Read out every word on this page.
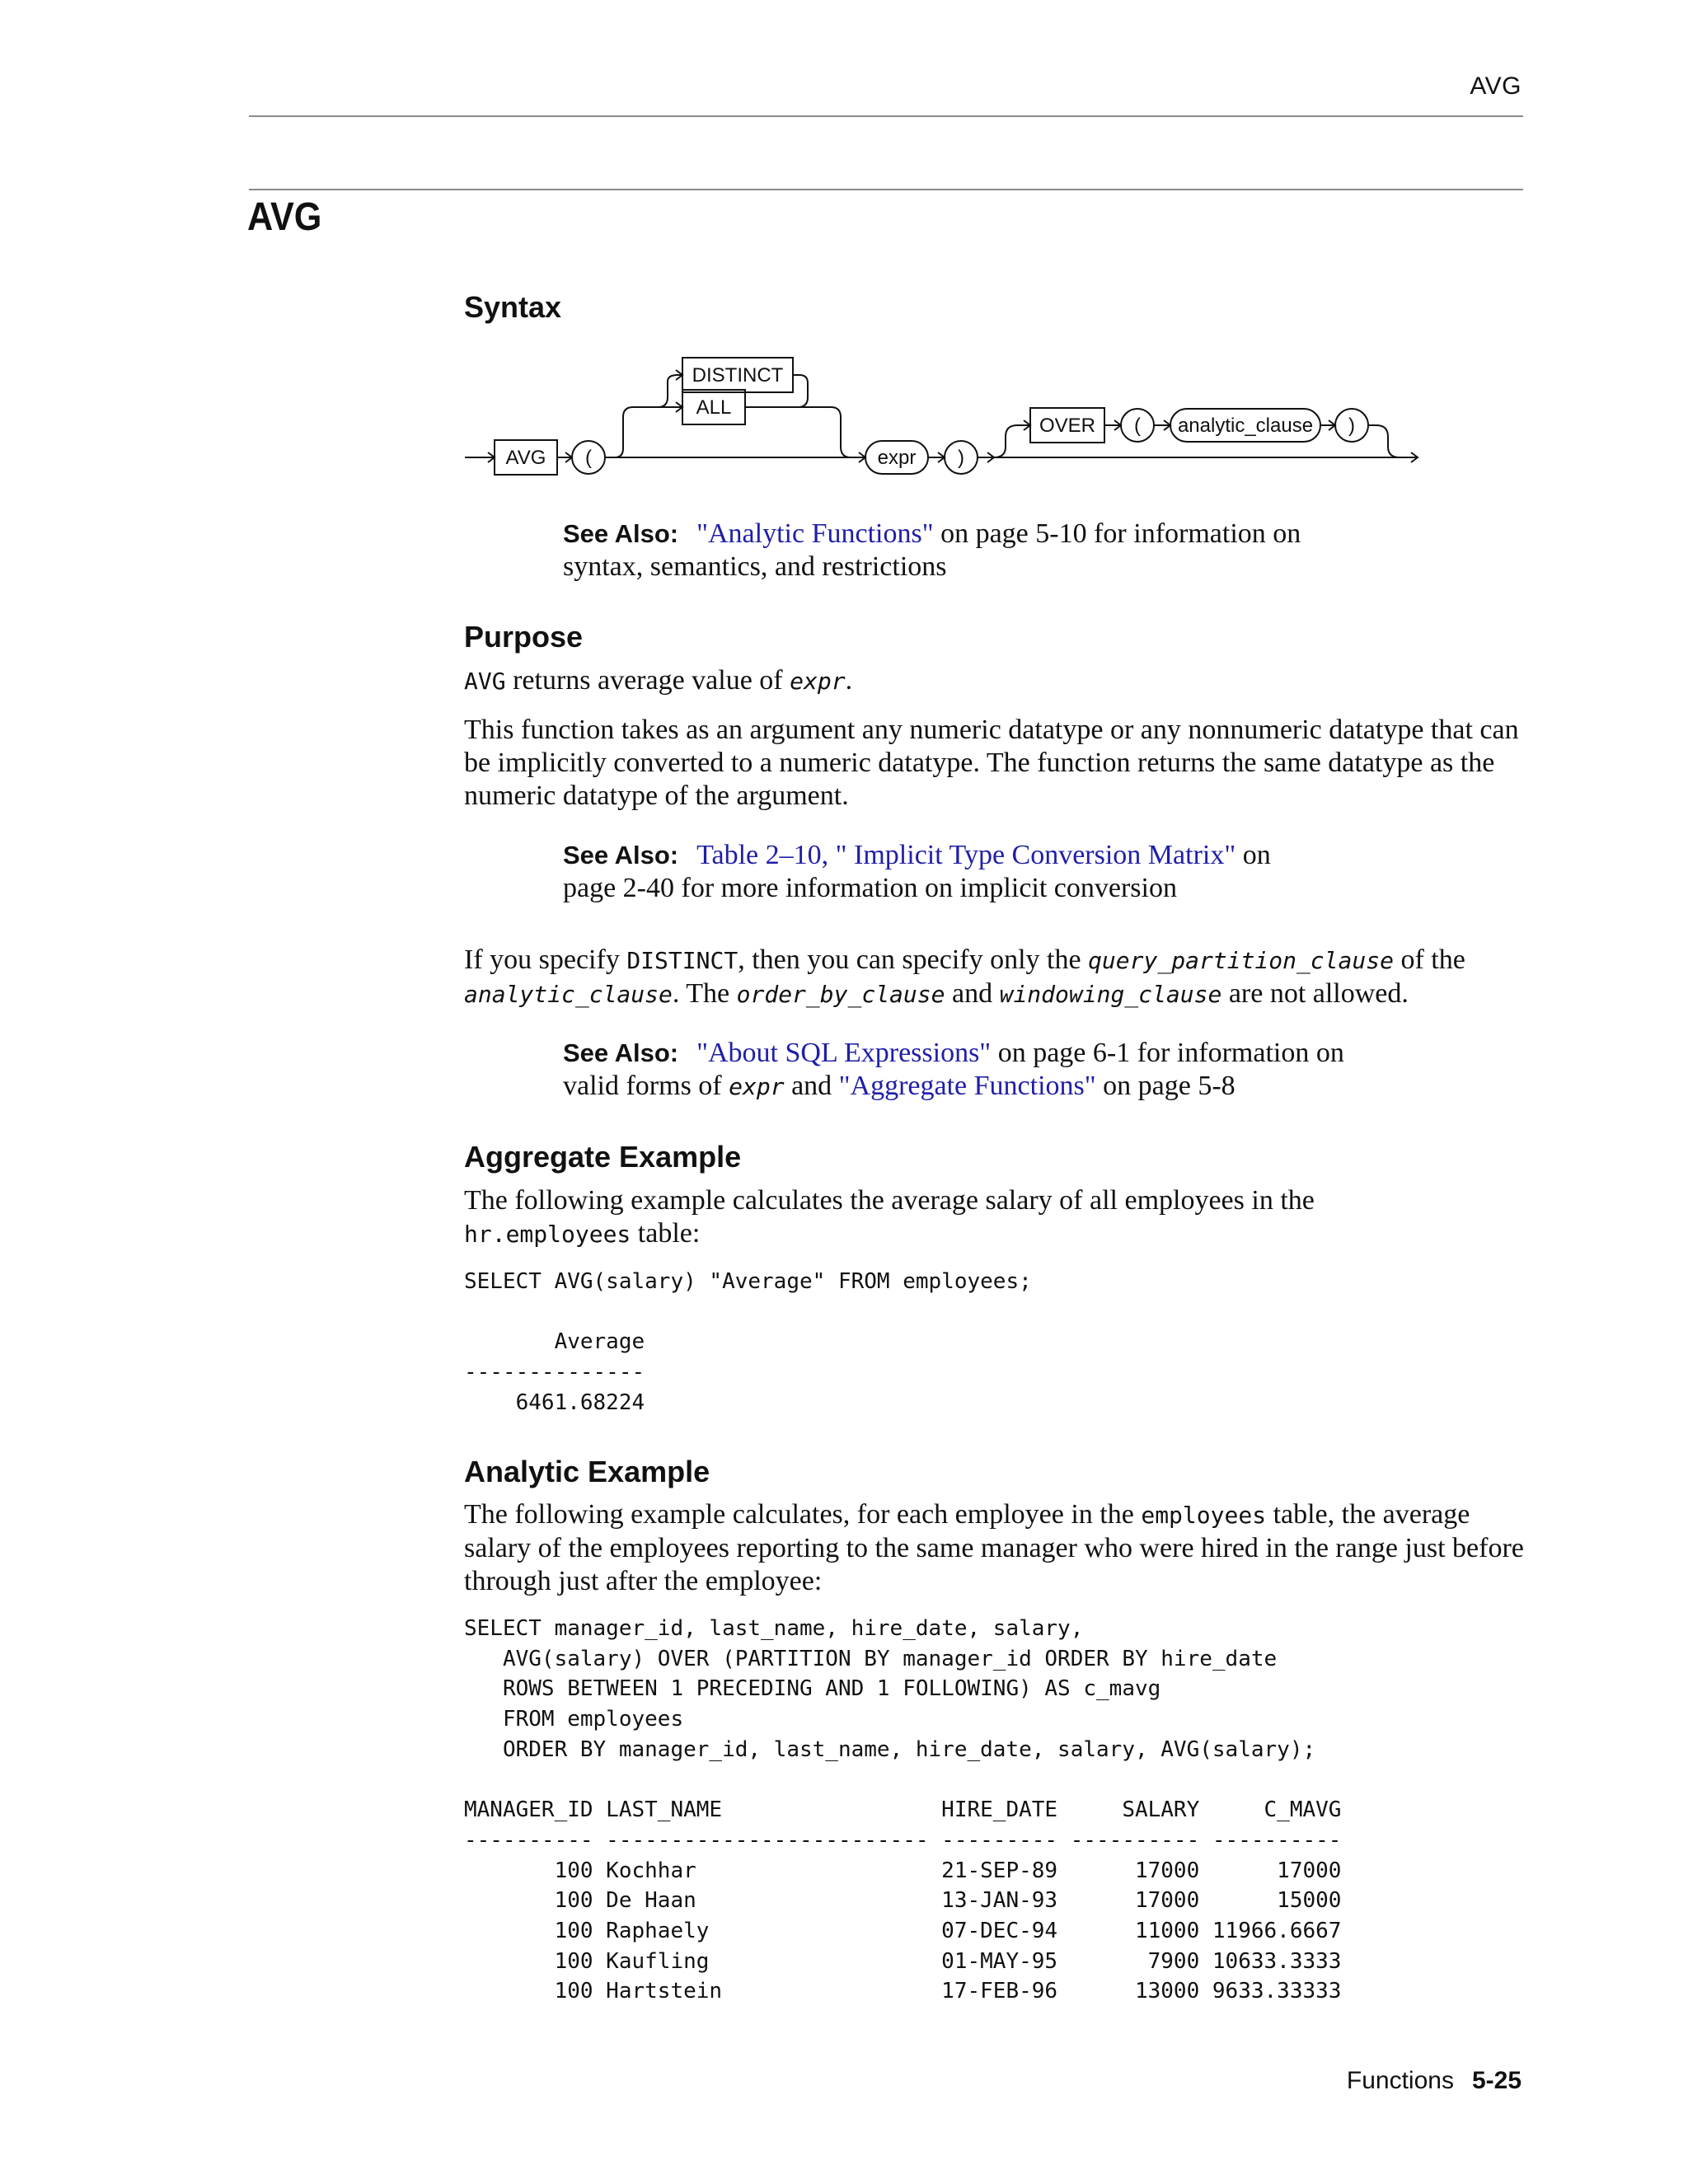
AVG
AVG
Syntax
AVG (
DISTINCT
ALL
expr )
OVER ( analytic_clause )

See Also: "Analytic Functions" on page 5-10 for information on

syntax, semantics, and restrictions

Purpose

AVG returns average value of expr.

This function takes as an argument any numeric datatype or any nonnumeric datatype that can be implicitly converted to a numeric datatype. The function returns the same datatype as the numeric datatype of the argument.

See Also: Table 2–10, " Implicit Type Conversion Matrix" on

page 2-40 for more information on implicit conversion

If you specify DISTINCT, then you can specify only the query_partition_clause of the

analytic_clause. The order_by_clause and windowing_clause are not allowed.

See Also: "About SQL Expressions" on page 6-1 for information on

valid forms of expr and "Aggregate Functions" on page 5-8

Aggregate Example

The following example calculates the average salary of all employees in the

hr.employees table:

SELECT AVG(salary) "Average" FROM employees;

Average
--------------
6461.68224
Analytic Example

The following example calculates, for each employee in the employees table, the average salary of the employees reporting to the same manager who were hired in the range just before through just after the employee:

SELECT manager_id, last_name, hire_date, salary,
AVG(salary) OVER (PARTITION BY manager_id ORDER BY hire_date
ROWS BETWEEN 1 PRECEDING AND 1 FOLLOWING) AS c_mavg
FROM employees
ORDER BY manager_id, last_name, hire_date, salary, AVG(salary);

MANAGER_ID LAST_NAME                 HIRE_DATE     SALARY     C_MAVG
---------- ------------------------- --------- ---------- ----------
100 Kochhar                   21-SEP-89      17000      17000
100 De Haan                   13-JAN-93      17000      15000
100 Raphaely                  07-DEC-94      11000 11966.6667
100 Kaufling                  01-MAY-95       7900 10633.3333
100 Hartstein                 17-FEB-96      13000 9633.33333
Functions 5-25
